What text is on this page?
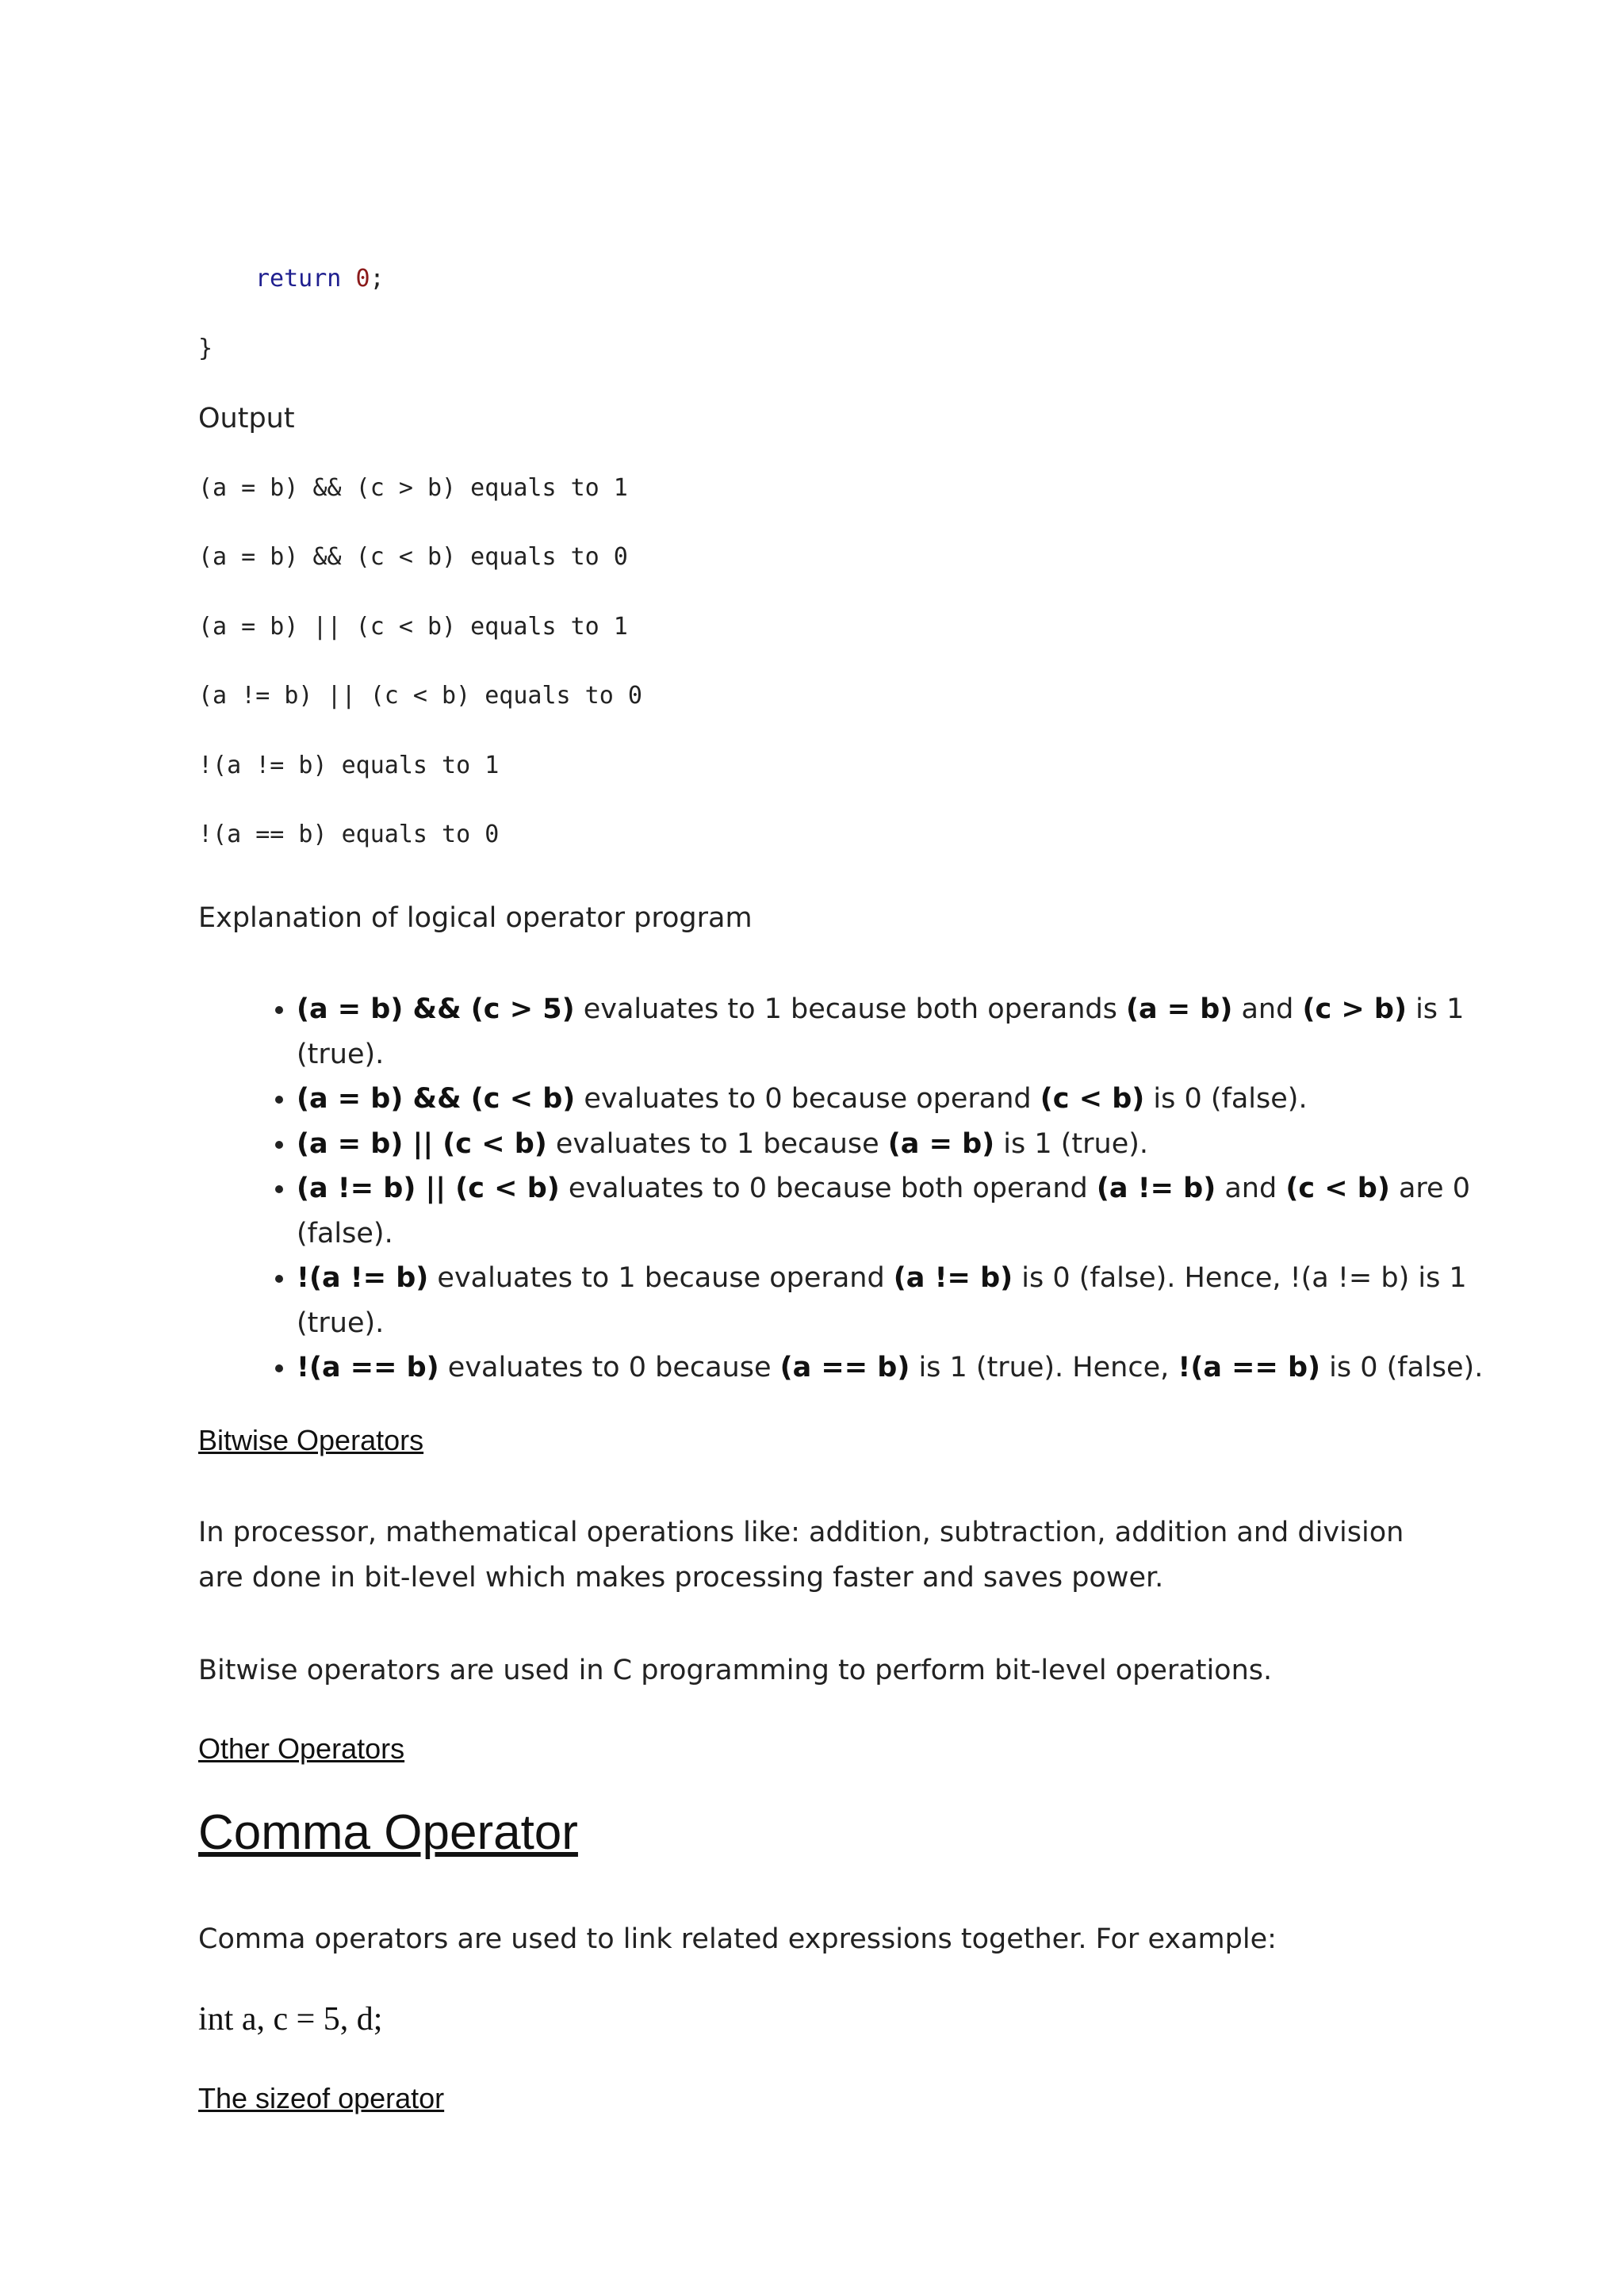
return 0;
}
Output
(a = b) && (c > b) equals to 1
(a = b) && (c < b) equals to 0
(a = b) || (c < b) equals to 1
(a != b) || (c < b) equals to 0
!(a != b) equals to 1
!(a == b) equals to 0
Explanation of logical operator program
• (a = b) && (c > 5) evaluates to 1 because both operands (a = b) and (c > b) is 1 (true).
• (a = b) && (c < b) evaluates to 0 because operand (c < b) is 0 (false).
• (a = b) || (c < b) evaluates to 1 because (a = b) is 1 (true).
• (a != b) || (c < b) evaluates to 0 because both operand (a != b) and (c < b) are 0 (false).
• !(a != b) evaluates to 1 because operand (a != b) is 0 (false). Hence, !(a != b) is 1 (true).
• !(a == b) evaluates to 0 because (a == b) is 1 (true). Hence, !(a == b) is 0 (false).
Bitwise Operators
In processor, mathematical operations like: addition, subtraction, addition and division are done in bit-level which makes processing faster and saves power.
Bitwise operators are used in C programming to perform bit-level operations.
Other Operators
Comma Operator
Comma operators are used to link related expressions together. For example:
int a, c = 5, d;
The sizeof operator
